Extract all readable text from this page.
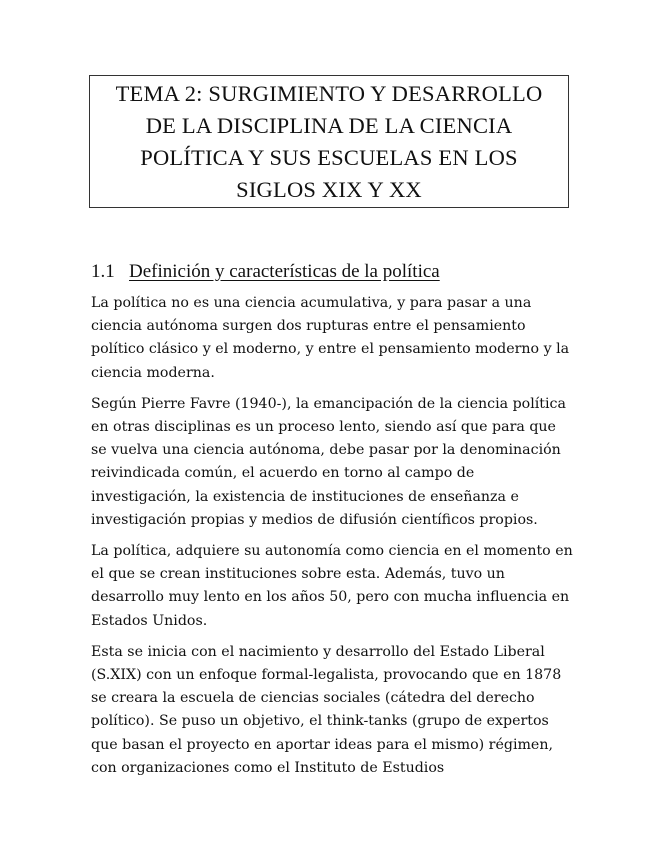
TEMA 2: SURGIMIENTO Y DESARROLLO DE LA DISCIPLINA DE LA CIENCIA POLÍTICA Y SUS ESCUELAS EN LOS SIGLOS XIX Y XX
1.1 Definición y características de la política

La política no es una ciencia acumulativa, y para pasar a una ciencia autónoma surgen dos rupturas entre el pensamiento político clásico y el moderno, y entre el pensamiento moderno y la ciencia moderna.

Según Pierre Favre (1940-), la emancipación de la ciencia política en otras disciplinas es un proceso lento, siendo así que para que se vuelva una ciencia autónoma, debe pasar por la denominación reivindicada común, el acuerdo en torno al campo de investigación, la existencia de instituciones de enseñanza e investigación propias y medios de difusión científicos propios.

La política, adquiere su autonomía como ciencia en el momento en el que se crean instituciones sobre esta. Además, tuvo un desarrollo muy lento en los años 50, pero con mucha influencia en Estados Unidos.

Esta se inicia con el nacimiento y desarrollo del Estado Liberal (S.XIX) con un enfoque formal-legalista, provocando que en 1878 se creara la escuela de ciencias sociales (cátedra del derecho político). Se puso un objetivo, el think-tanks (grupo de expertos que basan el proyecto en aportar ideas para el mismo) régimen, con organizaciones como el Instituto de Estudios
